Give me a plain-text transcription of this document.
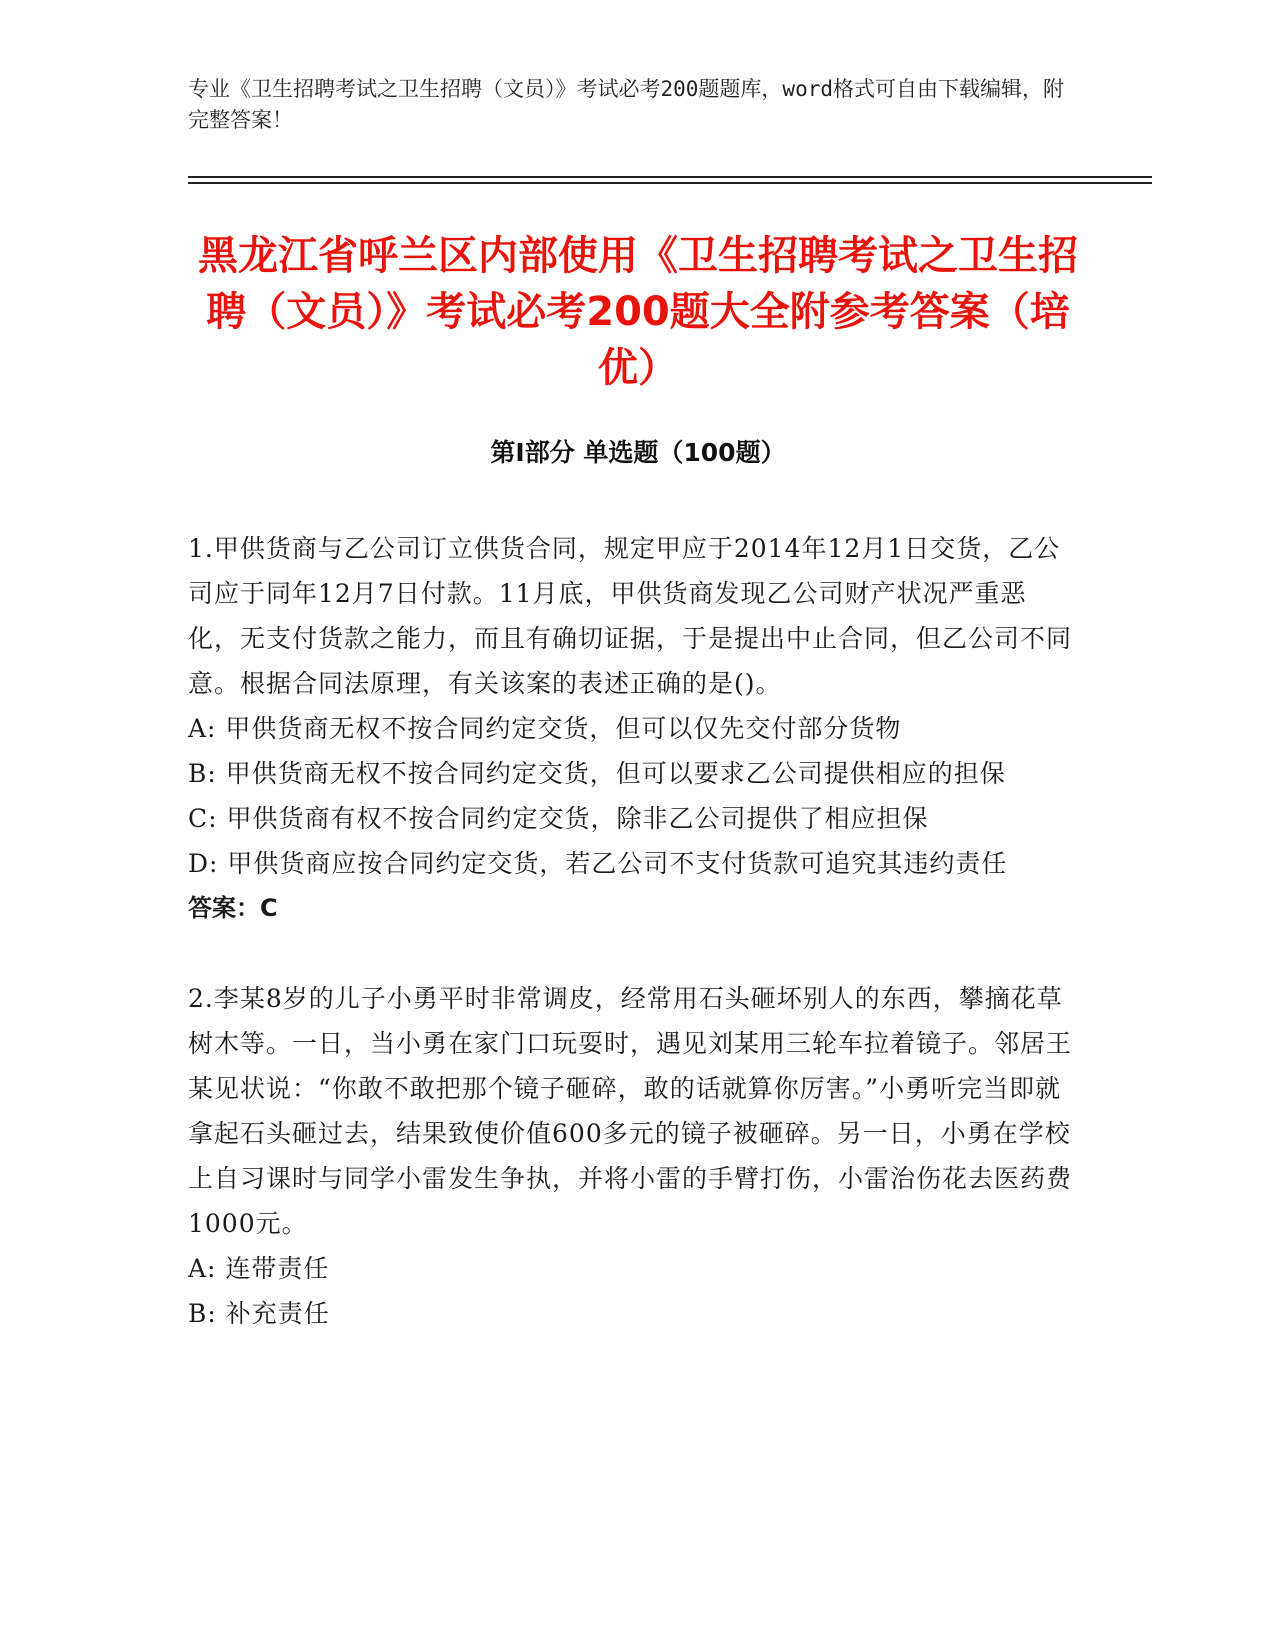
专业《卫生招聘考试之卫生招聘（文员）》考试必考200题题库，word格式可自由下载编辑，附完整答案！
黑龙江省呼兰区内部使用《卫生招聘考试之卫生招聘（文员）》考试必考200题大全附参考答案（培优）
第Ⅰ部分 单选题（100题）

1.甲供货商与乙公司订立供货合同，规定甲应于2014年12月1日交货，乙公司应于同年12月7日付款。11月底，甲供货商发现乙公司财产状况严重恶化，无支付货款之能力，而且有确切证据，于是提出中止合同，但乙公司不同意。根据合同法原理，有关该案的表述正确的是()。

A: 甲供货商无权不按合同约定交货，但可以仅先交付部分货物

B: 甲供货商无权不按合同约定交货，但可以要求乙公司提供相应的担保

C: 甲供货商有权不按合同约定交货，除非乙公司提供了相应担保

D: 甲供货商应按合同约定交货，若乙公司不支付货款可追究其违约责任

答案：C

2.李某8岁的儿子小勇平时非常调皮，经常用石头砸坏别人的东西，攀摘花草树木等。一日，当小勇在家门口玩耍时，遇见刘某用三轮车拉着镜子。邻居王某见状说：“你敢不敢把那个镜子砸碎，敢的话就算你厉害。”小勇听完当即就拿起石头砸过去，结果致使价值600多元的镜子被砸碎。另一日，小勇在学校上自习课时与同学小雷发生争执，并将小雷的手臂打伤，小雷治伤花去医药费1000元。

A: 连带责任

B: 补充责任
